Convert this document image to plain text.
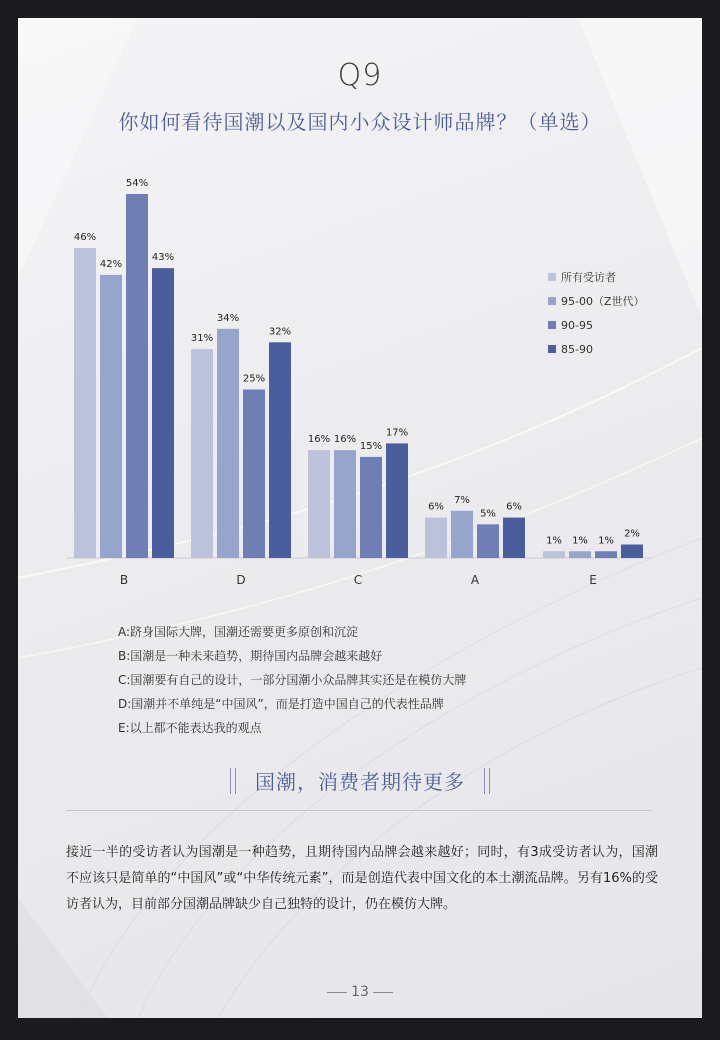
Q9
你如何看待国潮以及国内小众设计师品牌？（单选）
46%
42%
54%
43%
B
31%
34%
25%
32%
D
16% 16%
15%
17%
C
6%
7%
5%
6%
A
1% 1% 1%
2%
E
所有受访者
95-00（Z世代）
90-95
85-90
A:跻身国际大牌，国潮还需要更多原创和沉淀
B:国潮是一种未来趋势，期待国内品牌会越来越好
C:国潮要有自己的设计，一部分国潮小众品牌其实还是在模仿大牌
D:国潮并不单纯是“中国风”，而是打造中国自己的代表性品牌
E:以上都不能表达我的观点
国潮，消费者期待更多
接近一半的受访者认为国潮是一种趋势，且期待国内品牌会越来越好；同时，有3成受访者认为，国潮不应该只是简单的“中国风”或“中华传统元素”，而是创造代表中国文化的本土潮流品牌。另有16%的受访者认为，目前部分国潮品牌缺少自己独特的设计，仍在模仿大牌。
13
